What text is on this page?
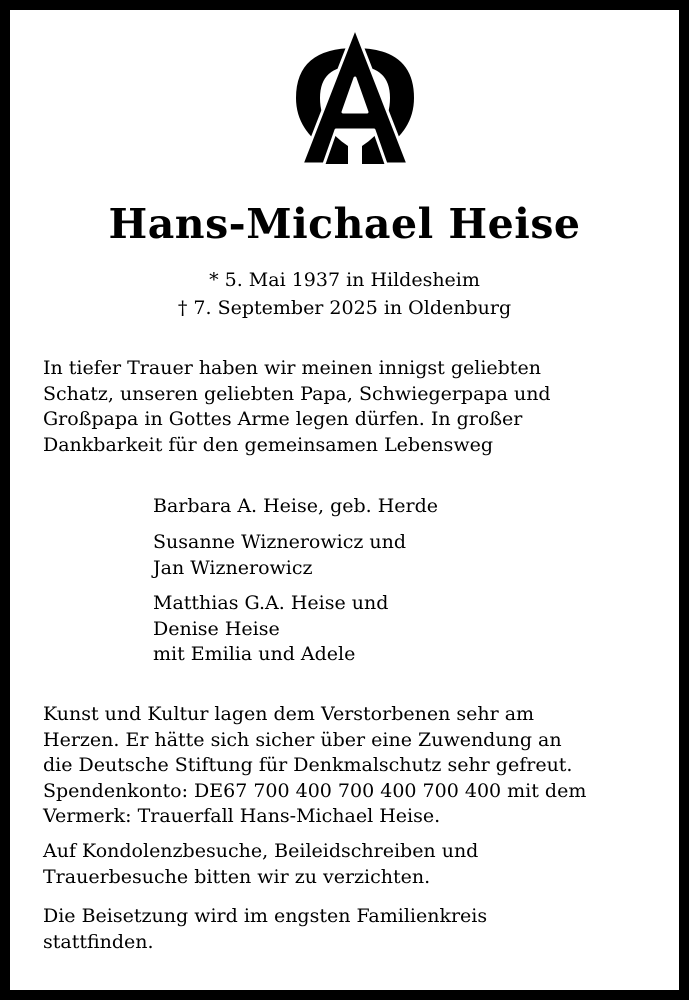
Hans-Michael Heise
* 5. Mai 1937 in Hildesheim
† 7. September 2025 in Oldenburg

In tiefer Trauer haben wir meinen innigst geliebten
Schatz, unseren geliebten Papa, Schwiegerpapa und
Großpapa in Gottes Arme legen dürfen. In großer
Dankbarkeit für den gemeinsamen Lebensweg

Barbara A. Heise, geb. Herde
Susanne Wiznerowicz und
Jan Wiznerowicz
Matthias G.A. Heise und
Denise Heise
mit Emilia und Adele

Kunst und Kultur lagen dem Verstorbenen sehr am
Herzen. Er hätte sich sicher über eine Zuwendung an
die Deutsche Stiftung für Denkmalschutz sehr gefreut.
Spendenkonto: DE67 700 400 700 400 700 400 mit dem
Vermerk: Trauerfall Hans-Michael Heise.

Auf Kondolenzbesuche, Beileidschreiben und
Trauerbesuche bitten wir zu verzichten.

Die Beisetzung wird im engsten Familienkreis
stattfinden.
